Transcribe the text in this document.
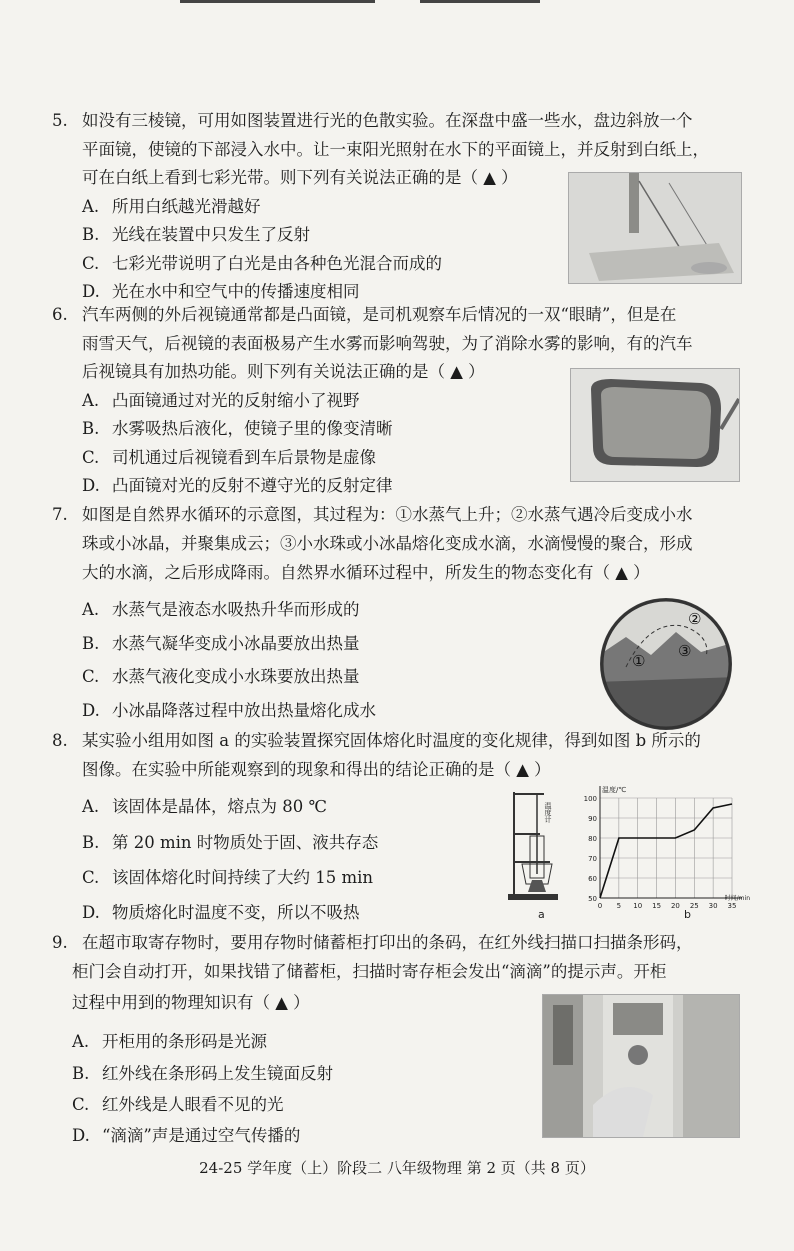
5. 如没有三棱镜，可用如图装置进行光的色散实验。在深盘中盛一些水，盘边斜放一个
平面镜，使镜的下部浸入水中。让一束阳光照射在水下的平面镜上，并反射到白纸上，
可在白纸上看到七彩光带。则下列有关说法正确的是（ ▲ ）
A. 所用白纸越光滑越好
B. 光线在装置中只发生了反射
C. 七彩光带说明了白光是由各种色光混合而成的
D. 光在水中和空气中的传播速度相同
6. 汽车两侧的外后视镜通常都是凸面镜，是司机观察车后情况的一双“眼睛”，但是在
雨雪天气，后视镜的表面极易产生水雾而影响驾驶，为了消除水雾的影响，有的汽车
后视镜具有加热功能。则下列有关说法正确的是（ ▲ ）
A. 凸面镜通过对光的反射缩小了视野
B. 水雾吸热后液化，使镜子里的像变清晰
C. 司机通过后视镜看到车后景物是虚像
D. 凸面镜对光的反射不遵守光的反射定律
7. 如图是自然界水循环的示意图，其过程为：①水蒸气上升；②水蒸气遇冷后变成小水
珠或小冰晶，并聚集成云；③小水珠或小冰晶熔化变成水滴，水滴慢慢的聚合，形成
大的水滴，之后形成降雨。自然界水循环过程中，所发生的物态变化有（ ▲ ）
A. 水蒸气是液态水吸热升华而形成的
B. 水蒸气凝华变成小冰晶要放出热量
C. 水蒸气液化变成小水珠要放出热量
D. 小冰晶降落过程中放出热量熔化成水
①
②
③
8. 某实验小组用如图 a 的实验装置探究固体熔化时温度的变化规律，得到如图 b 所示的
图像。在实验中所能观察到的现象和得出的结论正确的是（ ▲ ）
A. 该固体是晶体，熔点为 80 ℃
B. 第 20 min 时物质处于固、液共存态
C. 该固体熔化时间持续了大约 15 min
D. 物质熔化时温度不变，所以不吸热
温度计
a
100
90
80
70
60
50
0 5 10 15 20 25 30 35
温度/℃
时间/min
b
9. 在超市取寄存物时，要用存物时储蓄柜打印出的条码，在红外线扫描口扫描条形码，
柜门会自动打开，如果找错了储蓄柜，扫描时寄存柜会发出“滴滴”的提示声。开柜
过程中用到的物理知识有（ ▲ ）
A. 开柜用的条形码是光源
B. 红外线在条形码上发生镜面反射
C. 红外线是人眼看不见的光
D. “滴滴”声是通过空气传播的
24-25 学年度（上）阶段二 八年级物理 第 2 页（共 8 页）
